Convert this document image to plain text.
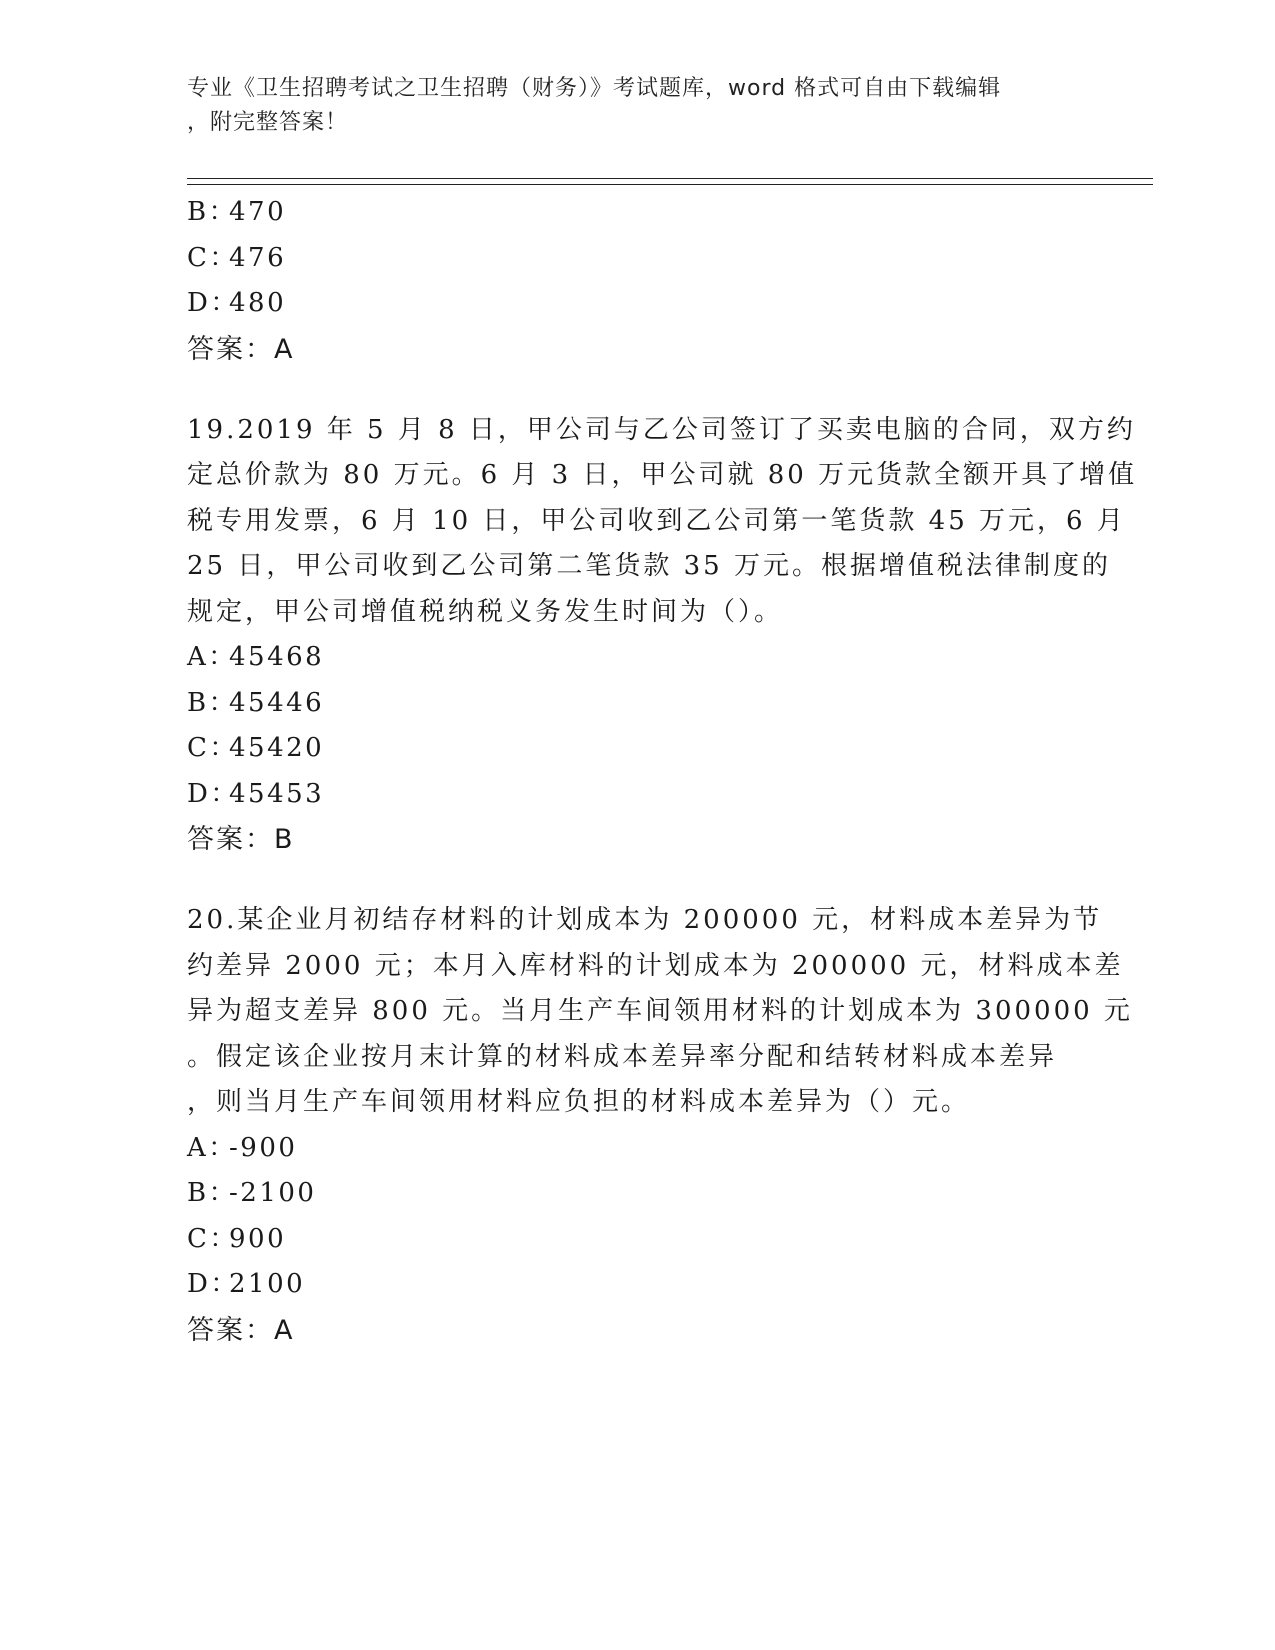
专业《卫生招聘考试之卫生招聘（财务）》考试题库，word 格式可自由下载编辑
，附完整答案！
B：470
C：476
D：480
答案：A
19.2019 年 5 月 8 日，甲公司与乙公司签订了买卖电脑的合同，双方约
定总价款为 80 万元。6 月 3 日，甲公司就 80 万元货款全额开具了增值
税专用发票，6 月 10 日，甲公司收到乙公司第一笔货款 45 万元，6 月
25 日，甲公司收到乙公司第二笔货款 35 万元。根据增值税法律制度的
规定，甲公司增值税纳税义务发生时间为（）。
A：45468
B：45446
C：45420
D：45453
答案：B
20.某企业月初结存材料的计划成本为 200000 元，材料成本差异为节
约差异 2000 元；本月入库材料的计划成本为 200000 元，材料成本差
异为超支差异 800 元。当月生产车间领用材料的计划成本为 300000 元
。假定该企业按月末计算的材料成本差异率分配和结转材料成本差异
，则当月生产车间领用材料应负担的材料成本差异为（）元。
A：-900
B：-2100
C：900
D：2100
答案：A
